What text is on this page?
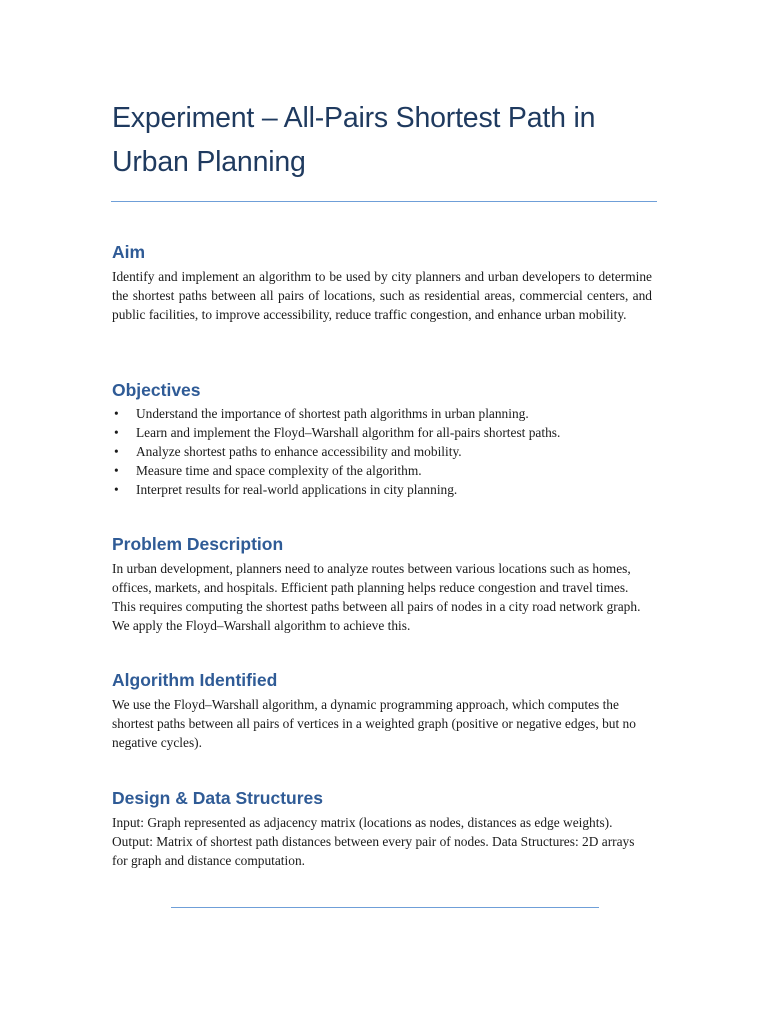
Experiment – All-Pairs Shortest Path in Urban Planning
Aim

Identify and implement an algorithm to be used by city planners and urban developers to determine the shortest paths between all pairs of locations, such as residential areas, commercial centers, and public facilities, to improve accessibility, reduce traffic congestion, and enhance urban mobility.

Objectives
• Understand the importance of shortest path algorithms in urban planning.
• Learn and implement the Floyd–Warshall algorithm for all-pairs shortest paths.
• Analyze shortest paths to enhance accessibility and mobility.
• Measure time and space complexity of the algorithm.
• Interpret results for real-world applications in city planning.
Problem Description

In urban development, planners need to analyze routes between various locations such as homes, offices, markets, and hospitals. Efficient path planning helps reduce congestion and travel times. This requires computing the shortest paths between all pairs of nodes in a city road network graph. We apply the Floyd–Warshall algorithm to achieve this.

Algorithm Identified

We use the Floyd–Warshall algorithm, a dynamic programming approach, which computes the shortest paths between all pairs of vertices in a weighted graph (positive or negative edges, but no negative cycles).

Design & Data Structures

Input: Graph represented as adjacency matrix (locations as nodes, distances as edge weights).
Output: Matrix of shortest path distances between every pair of nodes. Data Structures: 2D arrays for graph and distance computation.
